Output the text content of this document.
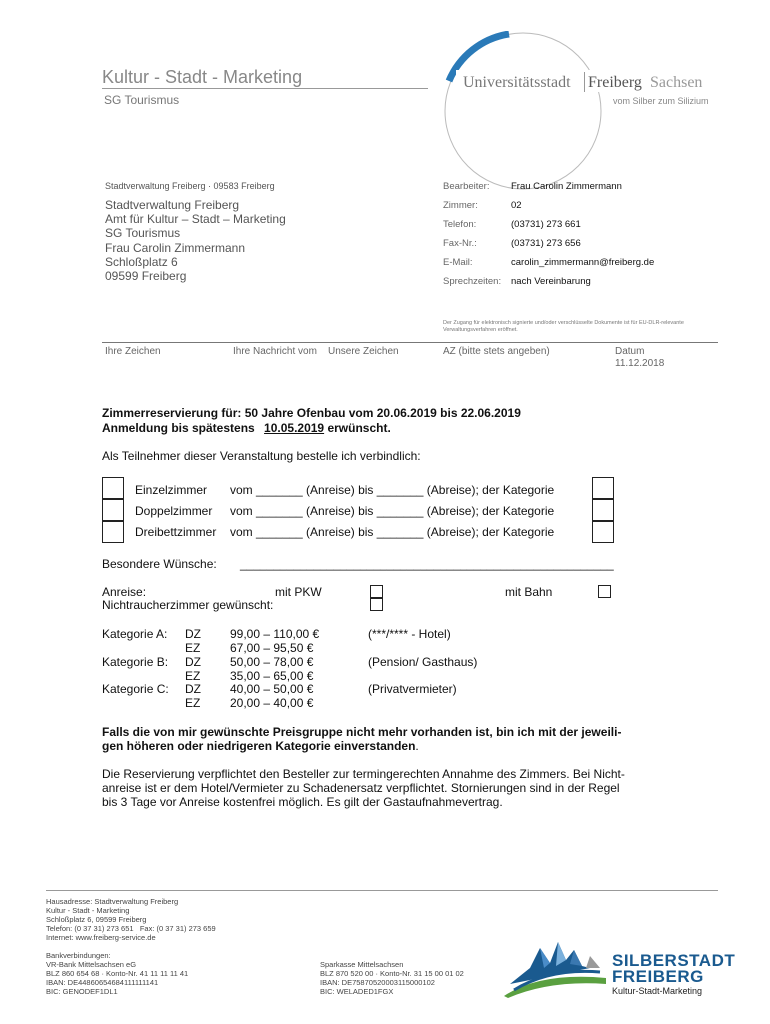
Kultur - Stadt - Marketing
SG Tourismus
Universitätsstadt Freiberg Sachsen
vom Silber zum Silizium
Stadtverwaltung Freiberg · 09583 Freiberg
Stadtverwaltung Freiberg
Amt für Kultur – Stadt – Marketing
SG Tourismus
Frau Carolin Zimmermann
Schloßplatz 6
09599 Freiberg
Bearbeiter: Frau Carolin Zimmermann
Zimmer:	02
Telefon:	(03731) 273 661
Fax-Nr.:	(03731) 273 656
E-Mail:	carolin_zimmermann@freiberg.de
Sprechzeiten: nach Vereinbarung
Der Zugang für elektronisch signierte und/oder verschlüsselte Dokumente ist für EU-DLR-relevante Verwaltungsverfahren eröffnet.
Ihre Zeichen	Ihre Nachricht vom Unsere Zeichen	AZ (bitte stets angeben)	Datum
11.12.2018
Zimmerreservierung für: 50 Jahre Ofenbau vom 20.06.2019 bis 22.06.2019
Anmeldung bis spätestens 10.05.2019 erwünscht.
Als Teilnehmer dieser Veranstaltung bestelle ich verbindlich:
Einzelzimmer vom _______ (Anreise) bis _______ (Abreise); der Kategorie
Doppelzimmer vom _______ (Anreise) bis _______ (Abreise); der Kategorie
Dreibettzimmer vom _______ (Anreise) bis _______ (Abreise); der Kategorie
Besondere Wünsche: ________________________________________________________
Anreise:	mit PKW	mit Bahn
Nichtraucherzimmer gewünscht:
Kategorie A: DZ 99,00 – 110,00 €	(***/**** - Hotel)
EZ 67,00 – 95,50 €
Kategorie B: DZ 50,00 – 78,00 €	(Pension/ Gasthaus)
EZ 35,00 – 65,00 €
Kategorie C: DZ 40,00 – 50,00 €	(Privatvermieter)
EZ 20,00 – 40,00 €
Falls die von mir gewünschte Preisgruppe nicht mehr vorhanden ist, bin ich mit der jeweili-
gen höheren oder niedrigeren Kategorie einverstanden.
Die Reservierung verpflichtet den Besteller zur termingerechten Annahme des Zimmers. Bei Nicht-
anreise ist er dem Hotel/Vermieter zu Schadenersatz verpflichtet. Stornierungen sind in der Regel
bis 3 Tage vor Anreise kostenfrei möglich. Es gilt der Gastaufnahmevertrag.
Hausadresse: Stadtverwaltung Freiberg
Kultur - Stadt - Marketing
Schloßplatz 6, 09599 Freiberg
Telefon: (0 37 31) 273 651   Fax: (0 37 31) 273 659
Internet: www.freiberg-service.de
Bankverbindungen:
VR-Bank Mittelsachsen eG
BLZ 860 654 68 · Konto-Nr. 41 11 11 11 41
IBAN: DE44860654684111111141
BIC: GENODEF1DL1
Sparkasse Mittelsachsen
BLZ 870 520 00 · Konto-Nr. 31 15 00 01 02
IBAN: DE75870520003115000102
BIC: WELADED1FGX
SILBERSTADT
FREIBERG
Kultur-Stadt-Marketing
